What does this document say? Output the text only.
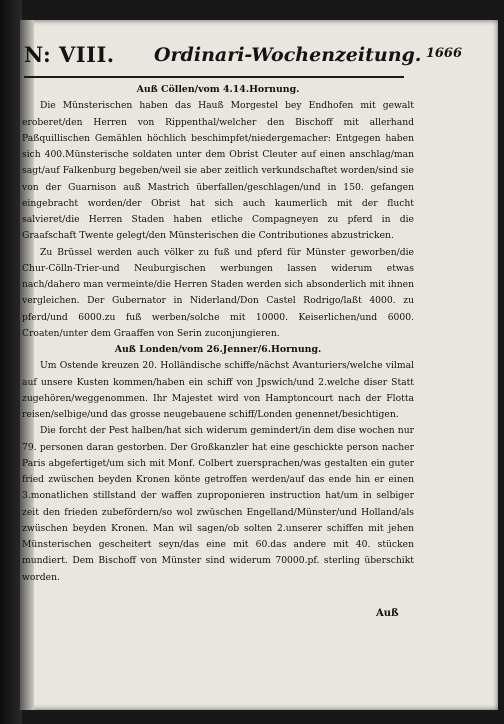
N: VIII. Ordinari-Wochenzeitung. 1666

Auß Cöllen/vom 4.14.Hornung.

Die Münsterischen haben das Hauß Morgestel bey Endhofen mit gewalt eroberet/den Herren von Rippenthal/welcher den Bischoff mit allerhand Paßquillischen Gemählen höchlich beschimpfet/niedergemacher: Entgegen haben sich 400.Münsterische soldaten unter dem Obrist Cleuter auf einen anschlag/man sagt/auf Falkenburg begeben/weil sie aber zeitlich verkundschaftet worden/sind sie von der Guarnison auß Mastrich überfallen/geschlagen/und in 150. gefangen eingebracht worden/der Obrist hat sich auch kaumerlich mit der flucht salvieret/die Herren Staden haben etliche Compagneyen zu pferd in die Graafschaft Twente gelegt/den Münsterischen die Contributiones abzustricken.

Zu Brüssel werden auch völker zu fuß und pferd für Münster geworben/die Chur-Cölln-Trier-und Neuburgischen werbungen lassen widerum etwas nach/dahero man vermeinte/die Herren Staden werden sich absonderlich mit ihnen vergleichen. Der Gubernator in Niderland/Don Castel Rodrigo/laßt 4000. zu pferd/und 6000.zu fuß werben/solche mit 10000. Keiserlichen/und 6000. Croaten/unter dem Graaffen von Serin zuconjungieren.

Auß Londen/vom 26.Jenner/6.Hornung.

Um Ostende kreuzen 20. Holländische schiffe/nächst Avanturiers/welche vilmal auf unsere Kusten kommen/haben ein schiff von Jpswich/und 2.welche diser Statt zugehören/weggenommen. Ihr Majestet wird von Hamptoncourt nach der Flotta reisen/selbige/und das grosse neugebauene schiff/Londen genennet/besichtigen.

Die forcht der Pest halben/hat sich widerum gemindert/in dem dise wochen nur 79. personen daran gestorben. Der Großkanzler hat eine geschickte person nacher Paris abgefertiget/um sich mit Monf. Colbert zuersprachen/was gestalten ein guter fried zwüschen beyden Kronen könte getroffen werden/auf das ende hin er einen 3.monatlichen stillstand der waffen zuproponieren instruction hat/um in selbiger zeit den frieden zubefördern/so wol zwüschen Engelland/Münster/und Holland/als zwüschen beyden Kronen. Man wil sagen/ob solten 2.unserer schiffen mit jehen Münsterischen gescheitert seyn/das eine mit 60.das andere mit 40. stücken mundiert. Dem Bischoff von Münster sind widerum 70000.pf. sterling überschikt worden.

Auß
